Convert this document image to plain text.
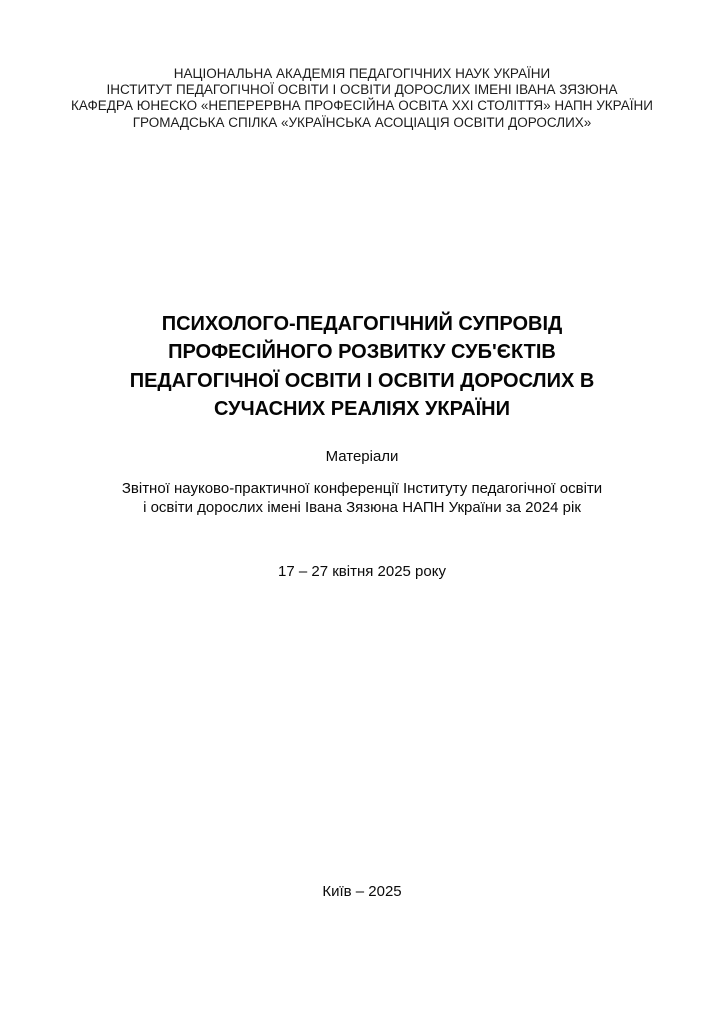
НАЦІОНАЛЬНА АКАДЕМІЯ ПЕДАГОГІЧНИХ НАУК УКРАЇНИ
ІНСТИТУТ ПЕДАГОГІЧНОЇ ОСВІТИ І ОСВІТИ ДОРОСЛИХ ІМЕНІ ІВАНА ЗЯЗЮНА
КАФЕДРА ЮНЕСКО «НЕПЕРЕРВНА ПРОФЕСІЙНА ОСВІТА ХХІ СТОЛІТТЯ» НАПН УКРАЇНИ
ГРОМАДСЬКА СПІЛКА «УКРАЇНСЬКА АСОЦІАЦІЯ ОСВІТИ ДОРОСЛИХ»
ПСИХОЛОГО-ПЕДАГОГІЧНИЙ СУПРОВІД
ПРОФЕСІЙНОГО РОЗВИТКУ СУБ'ЄКТІВ
ПЕДАГОГІЧНОЇ ОСВІТИ І ОСВІТИ ДОРОСЛИХ В
СУЧАСНИХ РЕАЛІЯХ УКРАЇНИ
Матеріали
Звітної науково-практичної конференції Інституту педагогічної освіти
і освіти дорослих імені Івана Зязюна НАПН України за 2024 рік
17 – 27 квітня 2025 року
Київ – 2025
